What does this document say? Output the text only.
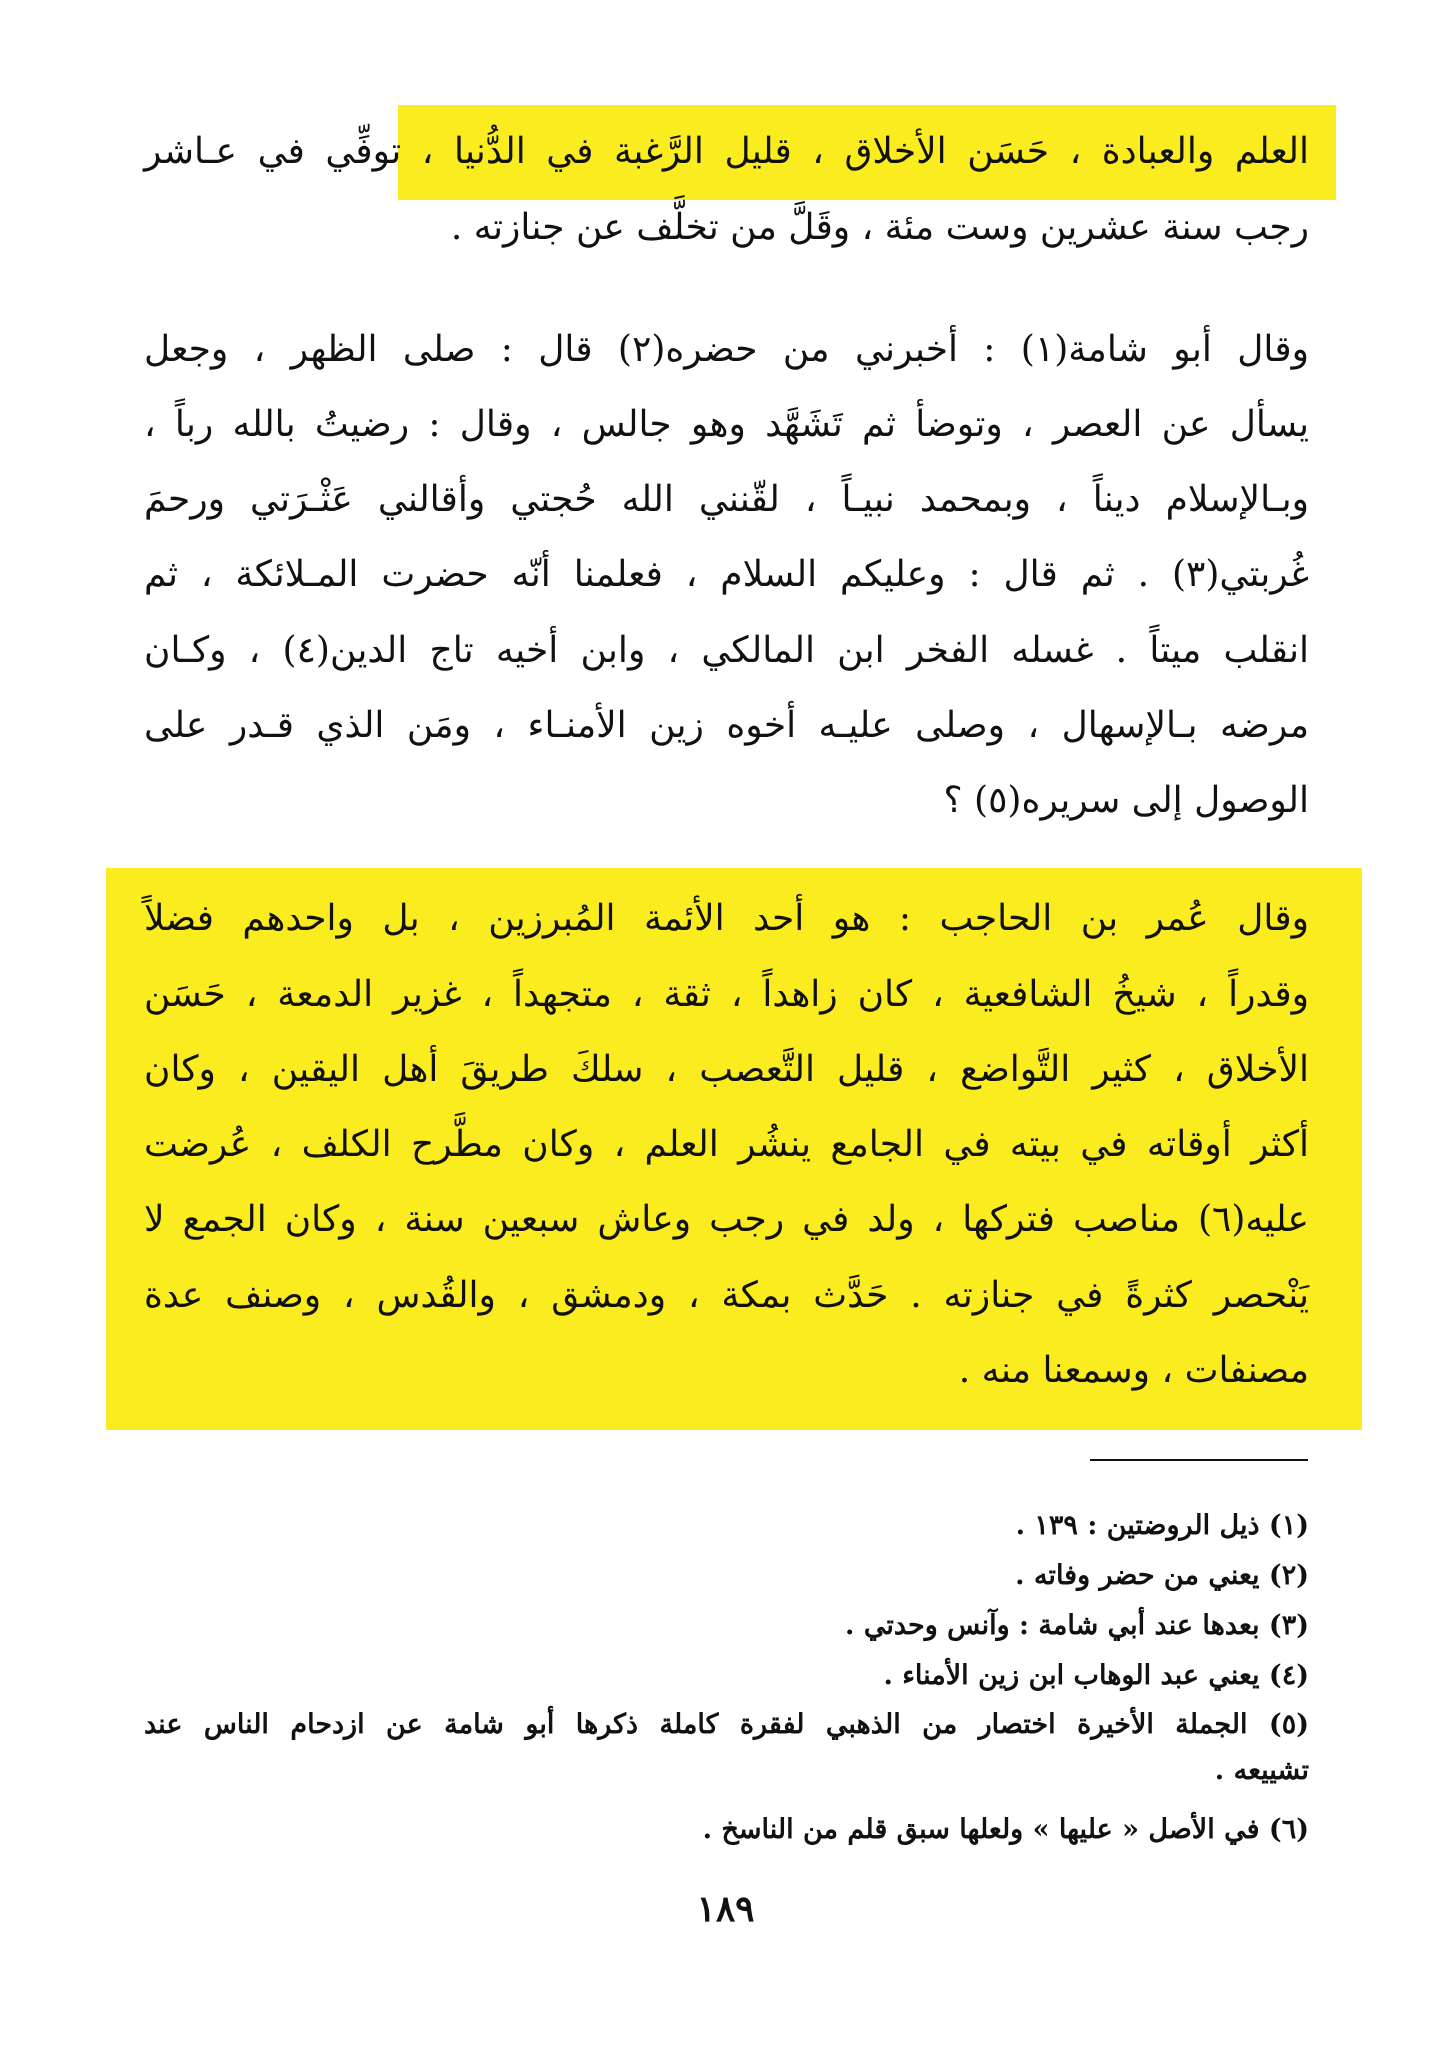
العلم والعبادة ، حَسَن الأخلاق ، قليل الرَّغبة في الدُّنيا ، توفِّي في عـاشر
رجب سنة عشرين وست مئة ، وقَلَّ من تخلَّف عن جنازته .
وقال أبو شامة(١) : أخبرني من حضره(٢) قال : صلى الظهر ، وجعل
يسأل عن العصر ، وتوضأ ثم تَشَهَّد وهو جالس ، وقال : رضيتُ بالله رباً ،
وبـالإسلام ديناً ، وبمحمد نبيـاً ، لقّنني الله حُجتي وأقالني عَثْـرَتي ورحمَ
غُربتي(٣) . ثم قال : وعليكم السلام ، فعلمنا أنّه حضرت المـلائكة ، ثم
انقلب ميتاً . غسله الفخر ابن المالكي ، وابن أخيه تاج الدين(٤) ، وكـان
مرضه بـالإسهال ، وصلى عليـه أخوه زين الأمنـاء ، ومَن الذي قـدر على
الوصول إلى سريره(٥) ؟
وقال عُمر بن الحاجب : هو أحد الأئمة المُبرزين ، بل واحدهم فضلاً
وقدراً ، شيخُ الشافعية ، كان زاهداً ، ثقة ، متجهداً ، غزير الدمعة ، حَسَن
الأخلاق ، كثير التَّواضع ، قليل التَّعصب ، سلكَ طريقَ أهل اليقين ، وكان
أكثر أوقاته في بيته في الجامع ينشُر العلم ، وكان مطَّرح الكلف ، عُرضت
عليه(٦) مناصب فتركها ، ولد في رجب وعاش سبعين سنة ، وكان الجمع لا
يَنْحصر كثرةً في جنازته . حَدَّث بمكة ، ودمشق ، والقُدس ، وصنف عدة
مصنفات ، وسمعنا منه .
(١) ذيل الروضتين : ١٣٩ .
(٢) يعني من حضر وفاته .
(٣) بعدها عند أبي شامة : وآنس وحدتي .
(٤) يعني عبد الوهاب ابن زين الأمناء .
(٥) الجملة الأخيرة اختصار من الذهبي لفقرة كاملة ذكرها أبو شامة عن ازدحام الناس عند
تشييعه .
(٦) في الأصل « عليها » ولعلها سبق قلم من الناسخ .
١٨٩
